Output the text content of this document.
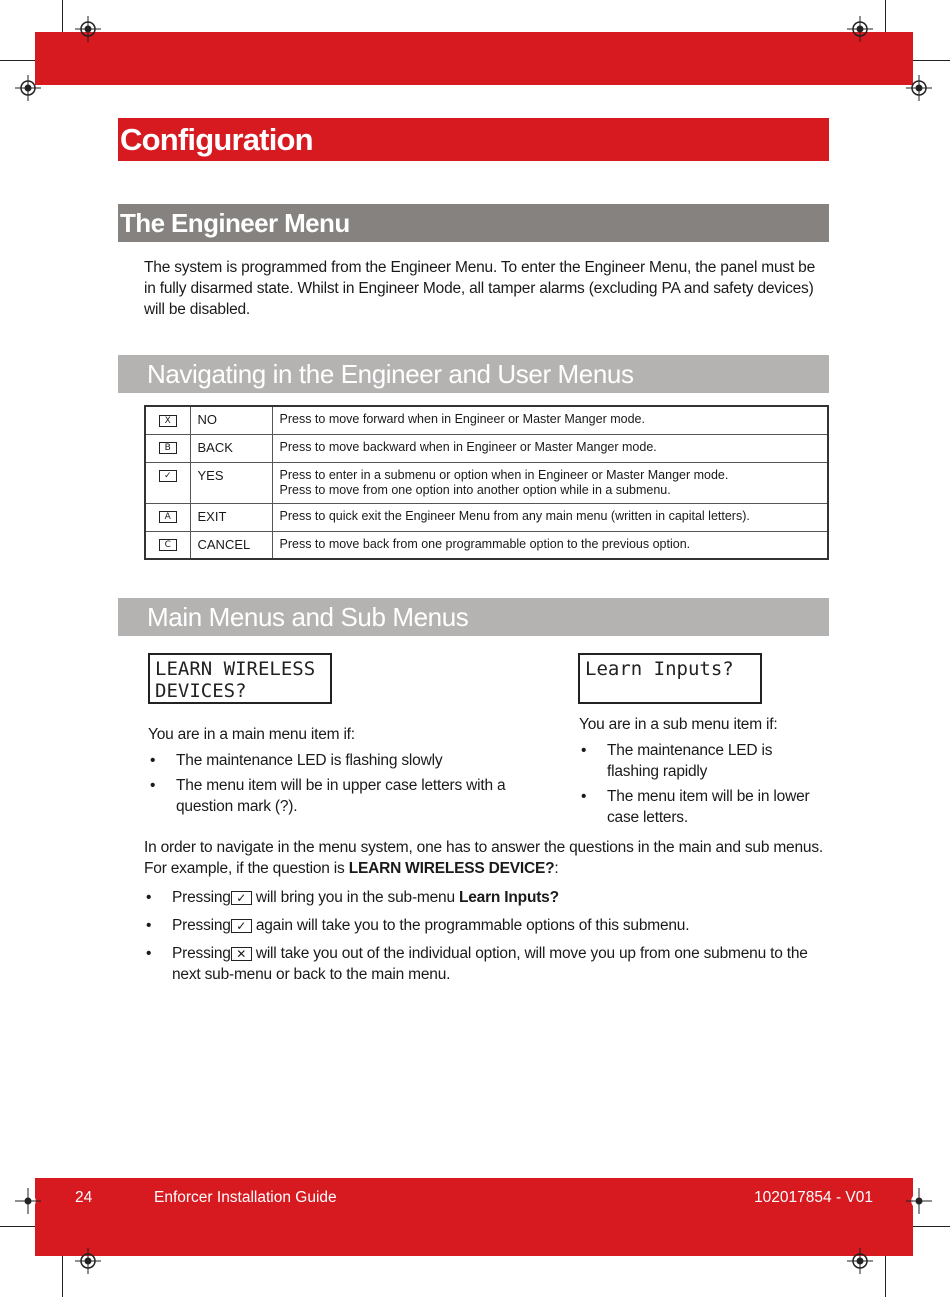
Configuration
The Engineer Menu
The system is programmed from the Engineer Menu. To enter the Engineer Menu, the panel must be in fully disarmed state. Whilst in Engineer Mode, all tamper alarms (excluding PA and safety devices) will be disabled.
Navigating in the Engineer and User Menus
X	NO	Press to move forward when in Engineer or Master Manger mode.
B	BACK	Press to move backward when in Engineer or Master Manger mode.
✓	YES	Press to enter in a submenu or option when in Engineer or Master Manger mode.
Press to move from one option into another option while in a submenu.

A	EXIT	Press to quick exit the Engineer Menu from any main menu (written in capital letters).
C	CANCEL	Press to move back from one programmable option to the previous option.
Main Menus and Sub Menus
LEARN WIRELESS
DEVICES?
Learn Inputs?
You are in a main menu item if:
• The maintenance LED is flashing slowly
• The menu item will be in upper case letters with a question mark (?).
You are in a sub menu item if:
• The maintenance LED is flashing rapidly
• The menu item will be in lower case letters.
In order to navigate in the menu system, one has to answer the questions in the main and sub menus. For example, if the question is LEARN WIRELESS DEVICE?:
• Pressing ✓ will bring you in the sub-menu Learn Inputs?
• Pressing ✓ again will take you to the programmable options of this submenu.
• Pressing ✕ will take you out of the individual option, will move you up from one submenu to the next sub-menu or back to the main menu.
24	Enforcer Installation Guide	102017854 - V01
